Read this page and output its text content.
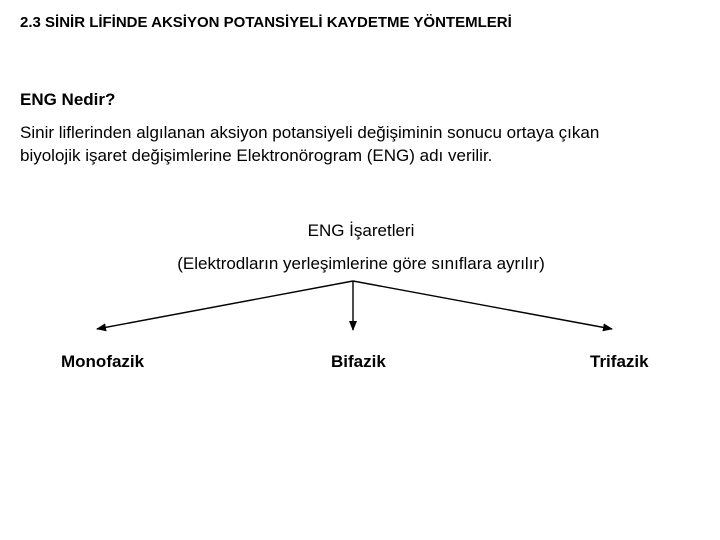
2.3 SİNİR LİFİNDE AKSİYON POTANSİYELİ KAYDETME YÖNTEMLERİ
ENG Nedir?
Sinir liflerinden algılanan aksiyon potansiyeli değişiminin sonucu ortaya çıkan
biyolojik işaret değişimlerine Elektronörogram (ENG) adı verilir.
ENG İşaretleri
(Elektrodların yerleşimlerine göre sınıflara ayrılır)
Monofazik	Bifazik	Trifazik
